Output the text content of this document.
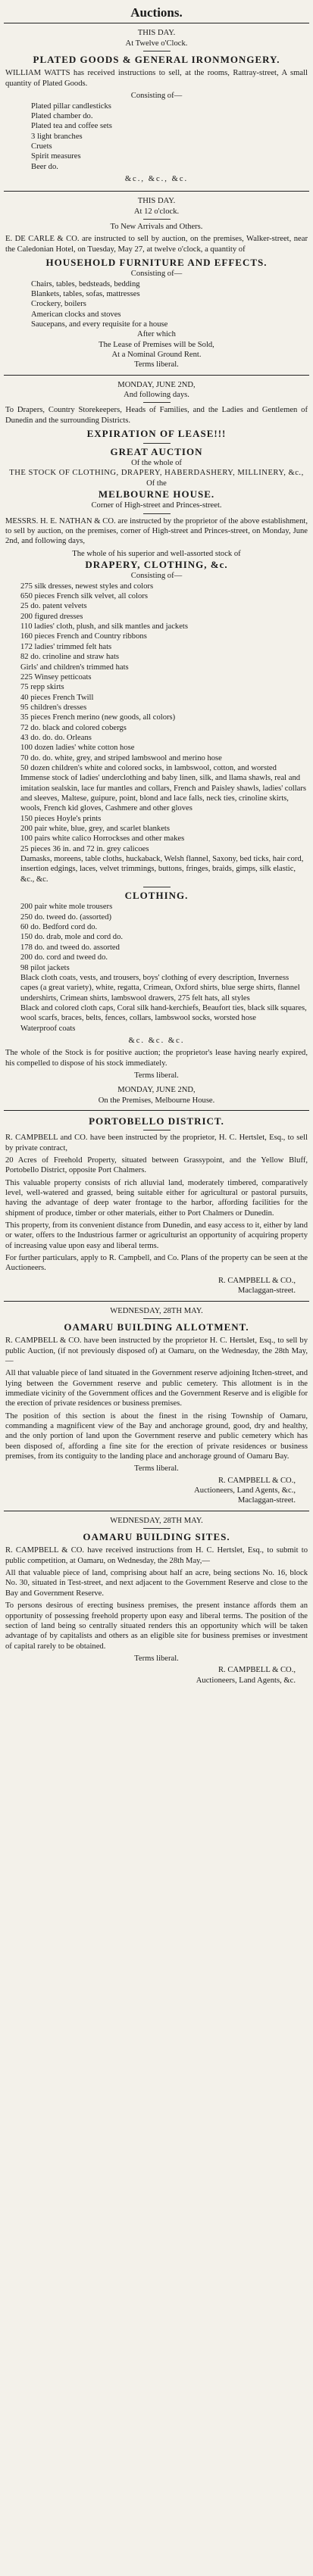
Auctions.
THIS DAY.
At Twelve o'Clock.
PLATED GOODS & GENERAL IRONMONGERY.
WILLIAM WATTS has received instructions to sell, at the rooms, Rattray-street, A small quantity of Plated Goods.
Consisting of—
Plated pillar candlesticks
Plated chamber do.
Plated tea and coffee sets
3 light branches
Cruets
Spirit measures
Beer do.
&c., &c., &c.
THIS DAY.
At 12 o'clock.
To New Arrivals and Others.
E. DE CARLE & CO. are instructed to sell by auction, on the premises, Walker-street, near the Caledonian Hotel, on Tuesday, May 27, at twelve o'clock, a quantity of
HOUSEHOLD FURNITURE AND EFFECTS.
Consisting of—
Chairs, tables, bedsteads, bedding
Blankets, tables, sofas, mattresses
Crockery, boilers
American clocks and stoves
Saucepans, and every requisite for a house
After which
The Lease of Premises will be Sold,
At a Nominal Ground Rent.
Terms liberal.
MONDAY, JUNE 2ND,
And following days.
To Drapers, Country Storekeepers, Heads of Families, and the Ladies and Gentlemen of Dunedin and the surrounding Districts.
EXPIRATION OF LEASE!!!
GREAT AUCTION
Of the whole of
THE STOCK OF CLOTHING, DRAPERY, HABERDASHERY, MILLINERY, &c.,
Of the
MELBOURNE HOUSE.
Corner of High-street and Princes-street.
MESSRS. H. E. NATHAN & CO. are instructed by the proprietor of the above establishment, to sell by auction, on the premises, corner of High-street and Princes-street, on Monday, June 2nd, and following days,
The whole of his superior and well-assorted stock of
DRAPERY, CLOTHING, &c.
Consisting of—
275 silk dresses, newest styles and colors
650 pieces French silk velvet, all colors
25 do. patent velvets
200 figured dresses
110 ladies' cloth, plush, and silk mantles and jackets
160 pieces French and Country ribbons
172 ladies' trimmed felt hats
82 do. crinoline and straw hats
Girls' and children's trimmed hats
225 Winsey petticoats
75 repp skirts
40 pieces French Twill
95 children's dresses
35 pieces French merino (new goods, all colors)
72 do. black and colored cobergs
43 do. do. do. Orleans
100 dozen ladies' white cotton hose
70 do. do. white, grey, and striped lambswool and merino hose
50 dozen children's white and colored socks, in lambswool, cotton, and worsted
Immense stock of ladies' underclothing and baby linen, silk, and llama shawls, real and imitation sealskin, lace fur mantles and collars, French and Paisley shawls, ladies' collars and sleeves, Maltese, guipure, point, blond and lace falls, neck ties, crinoline skirts, wools, French kid gloves, Cashmere and other gloves
150 pieces Hoyle's prints
200 pair white, blue, grey, and scarlet blankets
100 pairs white calico Horrockses and other makes
25 pieces 36 in. and 72 in. grey calicoes
Damasks, moreens, table cloths, huckaback, Welsh flannel, Saxony, bed ticks, hair cord, insertion edgings, laces, velvet trimmings, buttons, fringes, braids, gimps, silk elastic, &c., &c.
CLOTHING.
200 pair white mole trousers
250 do. tweed do. (assorted)
60 do. Bedford cord do.
150 do. drab, mole and cord do.
178 do. and tweed do. assorted
200 do. cord and tweed do.
98 pilot jackets
Black cloth coats, vests, and trousers, boys' clothing of every description, Inverness capes (a great variety), white, regatta, Crimean, Oxford shirts, blue serge shirts, flannel undershirts, Crimean shirts, lambswool drawers, 275 felt hats, all styles
Black and colored cloth caps, Coral silk hand-kerchiefs, Beaufort ties, black silk squares, wool scarfs, braces, belts, fences, collars, lambswool socks, worsted hose
Waterproof coats
&c. &c. &c.
The whole of the Stock is for positive auction; the proprietor's lease having nearly expired, his compelled to dispose of his stock immediately.
Terms liberal.
MONDAY, JUNE 2ND,
On the Premises, Melbourne House.
PORTOBELLO DISTRICT.
R. CAMPBELL and CO. have been instructed by the proprietor, H. C. Hertslet, Esq., to sell by private contract,
20 Acres of Freehold Property, situated between Grassypoint, and the Yellow Bluff, Portobello District, opposite Port Chalmers.
This valuable property consists of rich alluvial land, moderately timbered, comparatively level, well-watered and grassed, being suitable either for agricultural or pastoral pursuits, having the advantage of deep water frontage to the harbor, affording facilities for the shipment of produce, timber or other materials, either to Port Chalmers or Dunedin.
This property, from its convenient distance from Dunedin, and easy access to it, either by land or water, offers to the Industrious farmer or agriculturist an opportunity of acquiring property of increasing value upon easy and liberal terms.
For further particulars, apply to R. Campbell, and Co. Plans of the property can be seen at the Auctioneers.
R. CAMPBELL & CO.,
Maclaggan-street.
WEDNESDAY, 28TH MAY.
OAMARU BUILDING ALLOTMENT.
R. CAMPBELL & CO. have been instructed by the proprietor H. C. Hertslet, Esq., to sell by public Auction, (if not previously disposed of) at Oamaru, on the Wednesday, the 28th May,—
All that valuable piece of land situated in the Government reserve adjoining Itchen-street, and lying between the Government reserve and public cemetery. This allotment is in the immediate vicinity of the Government offices and the Government Reserve and is eligible for the erection of private residences or business premises.
The position of this section is about the finest in the rising Township of Oamaru, commanding a magnificent view of the Bay and anchorage ground, good, dry and healthy, and the only portion of land upon the Government reserve and public cemetery which has been disposed of, affording a fine site for the erection of private residences or business premises, from its contiguity to the landing place and anchorage ground of Oamaru Bay.
Terms liberal.
R. CAMPBELL & CO.,
Auctioneers, Land Agents, &c.,
Maclaggan-street.
WEDNESDAY, 28TH MAY.
OAMARU BUILDING SITES.
R. CAMPBELL & CO. have received instructions from H. C. Hertslet, Esq., to submit to public competition, at Oamaru, on Wednesday, the 28th May,—
All that valuable piece of land, comprising about half an acre, being sections No. 16, block No. 30, situated in Test-street, and next adjacent to the Government Reserve and close to the Bay and Government Reserve.
To persons desirous of erecting business premises, the present instance affords them an opportunity of possessing freehold property upon easy and liberal terms. The position of the section of land being so centrally situated renders this an opportunity which will be taken advantage of by capitalists and others as an eligible site for business premises or investment of capital rarely to be obtained.
Terms liberal.
R. CAMPBELL & CO.,
Auctioneers, Land Agents, &c.
